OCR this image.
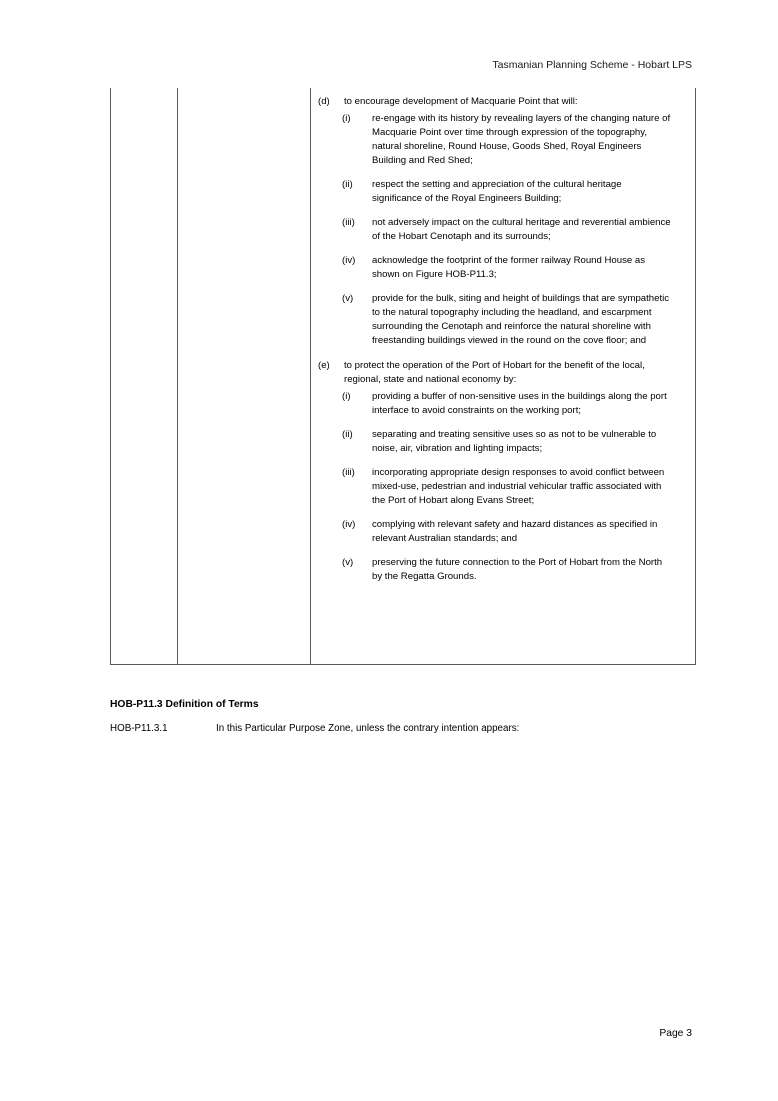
Tasmanian Planning Scheme - Hobart LPS

(d)	to encourage development of Macquarie Point that will:
(i)	re-engage with its history by revealing layers of the changing nature of Macquarie Point over time through expression of the topography, natural shoreline, Round House, Goods Shed, Royal Engineers Building and Red Shed;
(ii)	respect the setting and appreciation of the cultural heritage significance of the Royal Engineers Building;
(iii)	not adversely impact on the cultural heritage and reverential ambience of the Hobart Cenotaph and its surrounds;
(iv)	acknowledge the footprint of the former railway Round House as shown on Figure HOB-P11.3;
(v)	provide for the bulk, siting and height of buildings that are sympathetic to the natural topography including the headland, and escarpment surrounding the Cenotaph and reinforce the natural shoreline with freestanding buildings viewed in the round on the cove floor; and
(e)	to protect the operation of the Port of Hobart for the benefit of the local, regional, state and national economy by:
(i)	providing a buffer of non-sensitive uses in the buildings along the port interface to avoid constraints on the working port;
(ii)	separating and treating sensitive uses so as not to be vulnerable to noise, air, vibration and lighting impacts;
(iii)	incorporating appropriate design responses to avoid conflict between mixed-use, pedestrian and industrial vehicular traffic associated with the Port of Hobart along Evans Street;
(iv)	complying with relevant safety and hazard distances as specified in relevant Australian standards; and
(v)	preserving the future connection to the Port of Hobart from the North by the Regatta Grounds.
HOB-P11.3 Definition of Terms
HOB-P11.3.1	In this Particular Purpose Zone, unless the contrary intention appears:
Page 3
